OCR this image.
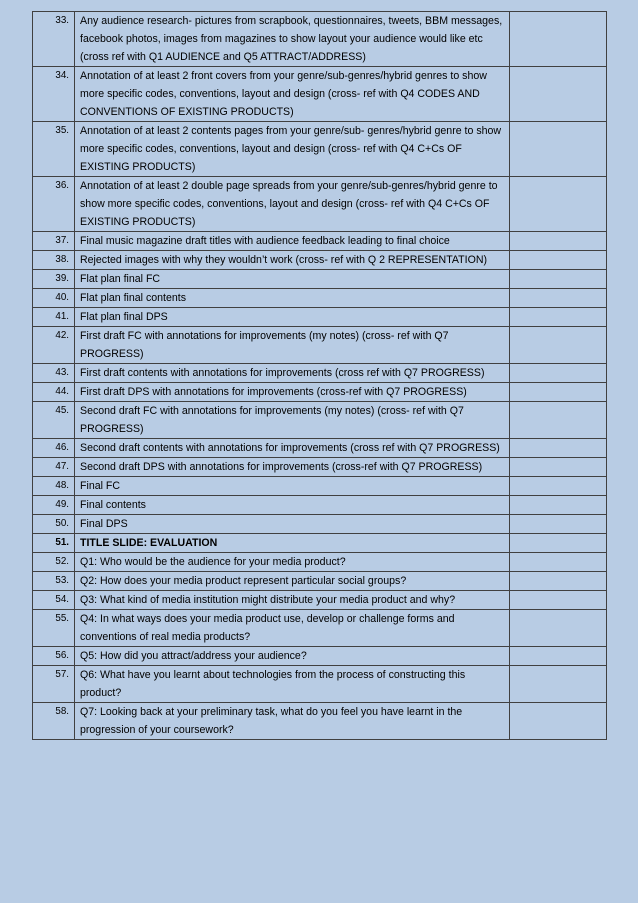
33.	Any audience research- pictures from scrapbook, questionnaires, tweets, BBM messages, facebook photos, images from magazines to show layout your audience would like etc (cross ref with Q1 AUDIENCE and Q5 ATTRACT/ADDRESS)	
34.	Annotation of at least 2 front covers from your genre/sub-genres/hybrid genres to show more specific codes, conventions, layout and design (cross- ref with Q4 CODES AND CONVENTIONS OF EXISTING PRODUCTS)	
35.	Annotation of at least 2 contents pages from your genre/sub- genres/hybrid genre to show more specific codes, conventions, layout and design (cross- ref with Q4 C+Cs OF EXISTING PRODUCTS)	
36.	Annotation of at least 2 double page spreads from your genre/sub-genres/hybrid genre to show more specific codes, conventions, layout and design (cross- ref with Q4 C+Cs OF EXISTING PRODUCTS)	
37.	Final music magazine draft titles with audience feedback leading to final choice	
38.	Rejected images with why they wouldn’t work (cross- ref with Q 2 REPRESENTATION)	
39.	Flat plan final FC	
40.	Flat plan final contents	
41.	Flat plan final DPS	
42.	First draft FC with annotations for improvements (my notes) (cross- ref with Q7 PROGRESS)	
43.	First draft contents with annotations for improvements (cross ref with Q7 PROGRESS)	
44.	First draft DPS with annotations for improvements (cross-ref with Q7 PROGRESS)	
45.	Second draft FC with annotations for improvements (my notes) (cross- ref with Q7 PROGRESS)	
46.	Second draft contents with annotations for improvements (cross ref with Q7 PROGRESS)	
47.	Second draft DPS with annotations for improvements (cross-ref with Q7 PROGRESS)	
48.	Final FC	
49.	Final contents	
50.	Final DPS	
51.	TITLE SLIDE: EVALUATION	
52.	Q1: Who would be the audience for your media product?	
53.	Q2: How does your media product represent particular social groups?	
54.	Q3: What kind of media institution might distribute your media product and why?	
55.	Q4: In what ways does your media product use, develop or challenge forms and conventions of real media products?	
56.	Q5: How did you attract/address your audience?	
57.	Q6: What have you learnt about technologies from the process of constructing this product?	
58.	Q7: Looking back at your preliminary task, what do you feel you have learnt in the progression of your coursework?	
